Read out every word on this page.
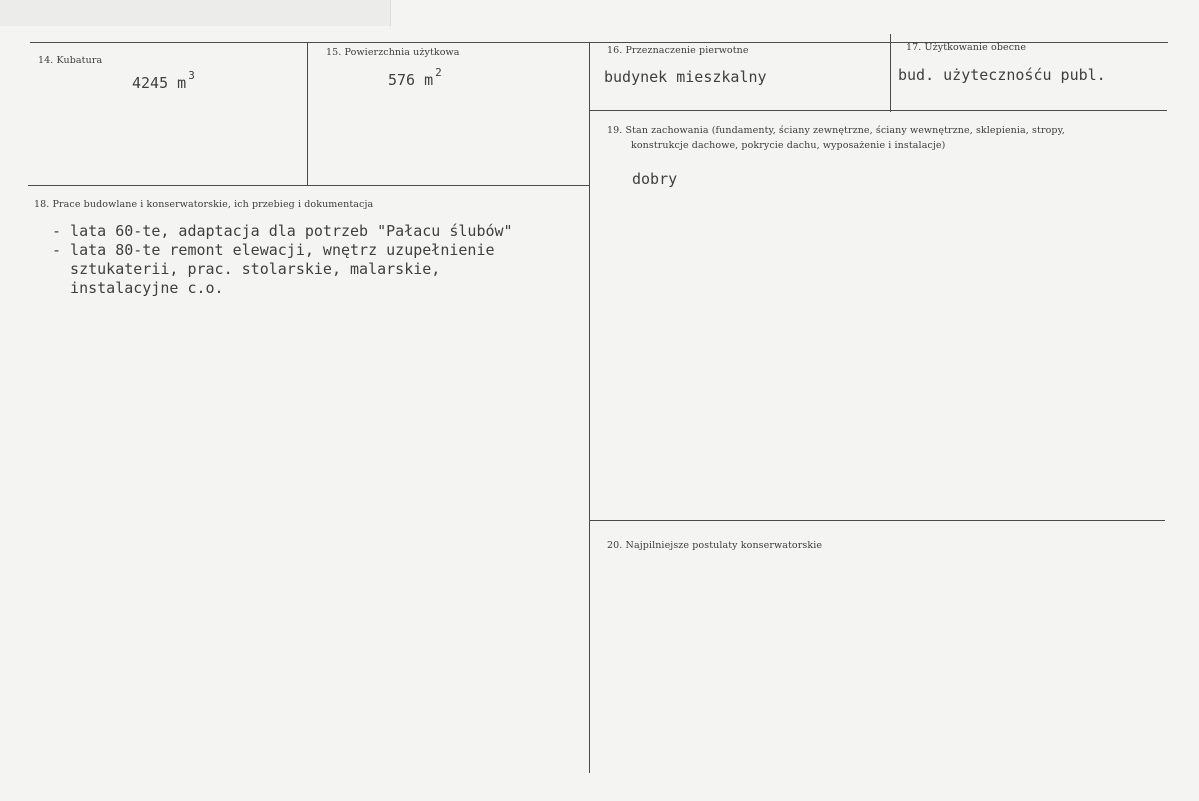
14. Kubatura
4245 m $^3$
15. Powierzchnia użytkowa
576 m $^2$
16. Przeznaczenie pierwotne
budynek mieszkalny
17. Użytkowanie obecne
bud. użytecznośću publ.
18. Prace budowlane i konserwatorskie, ich przebieg i dokumentacja
- lata 60-te, adaptacja dla potrzeb "Pałacu ślubów"
- lata 80-te remont elewacji, wnętrz uzupełnienie
sztukaterii, prac. stolarskie, malarskie,
instalacyjne c.o.
19. Stan zachowania (fundamenty, ściany zewnętrzne, ściany wewnętrzne, sklepienia, stropy,
konstrukcje dachowe, pokrycie dachu, wyposażenie i instalacje)
dobry
20. Najpilniejsze postulaty konserwatorskie
